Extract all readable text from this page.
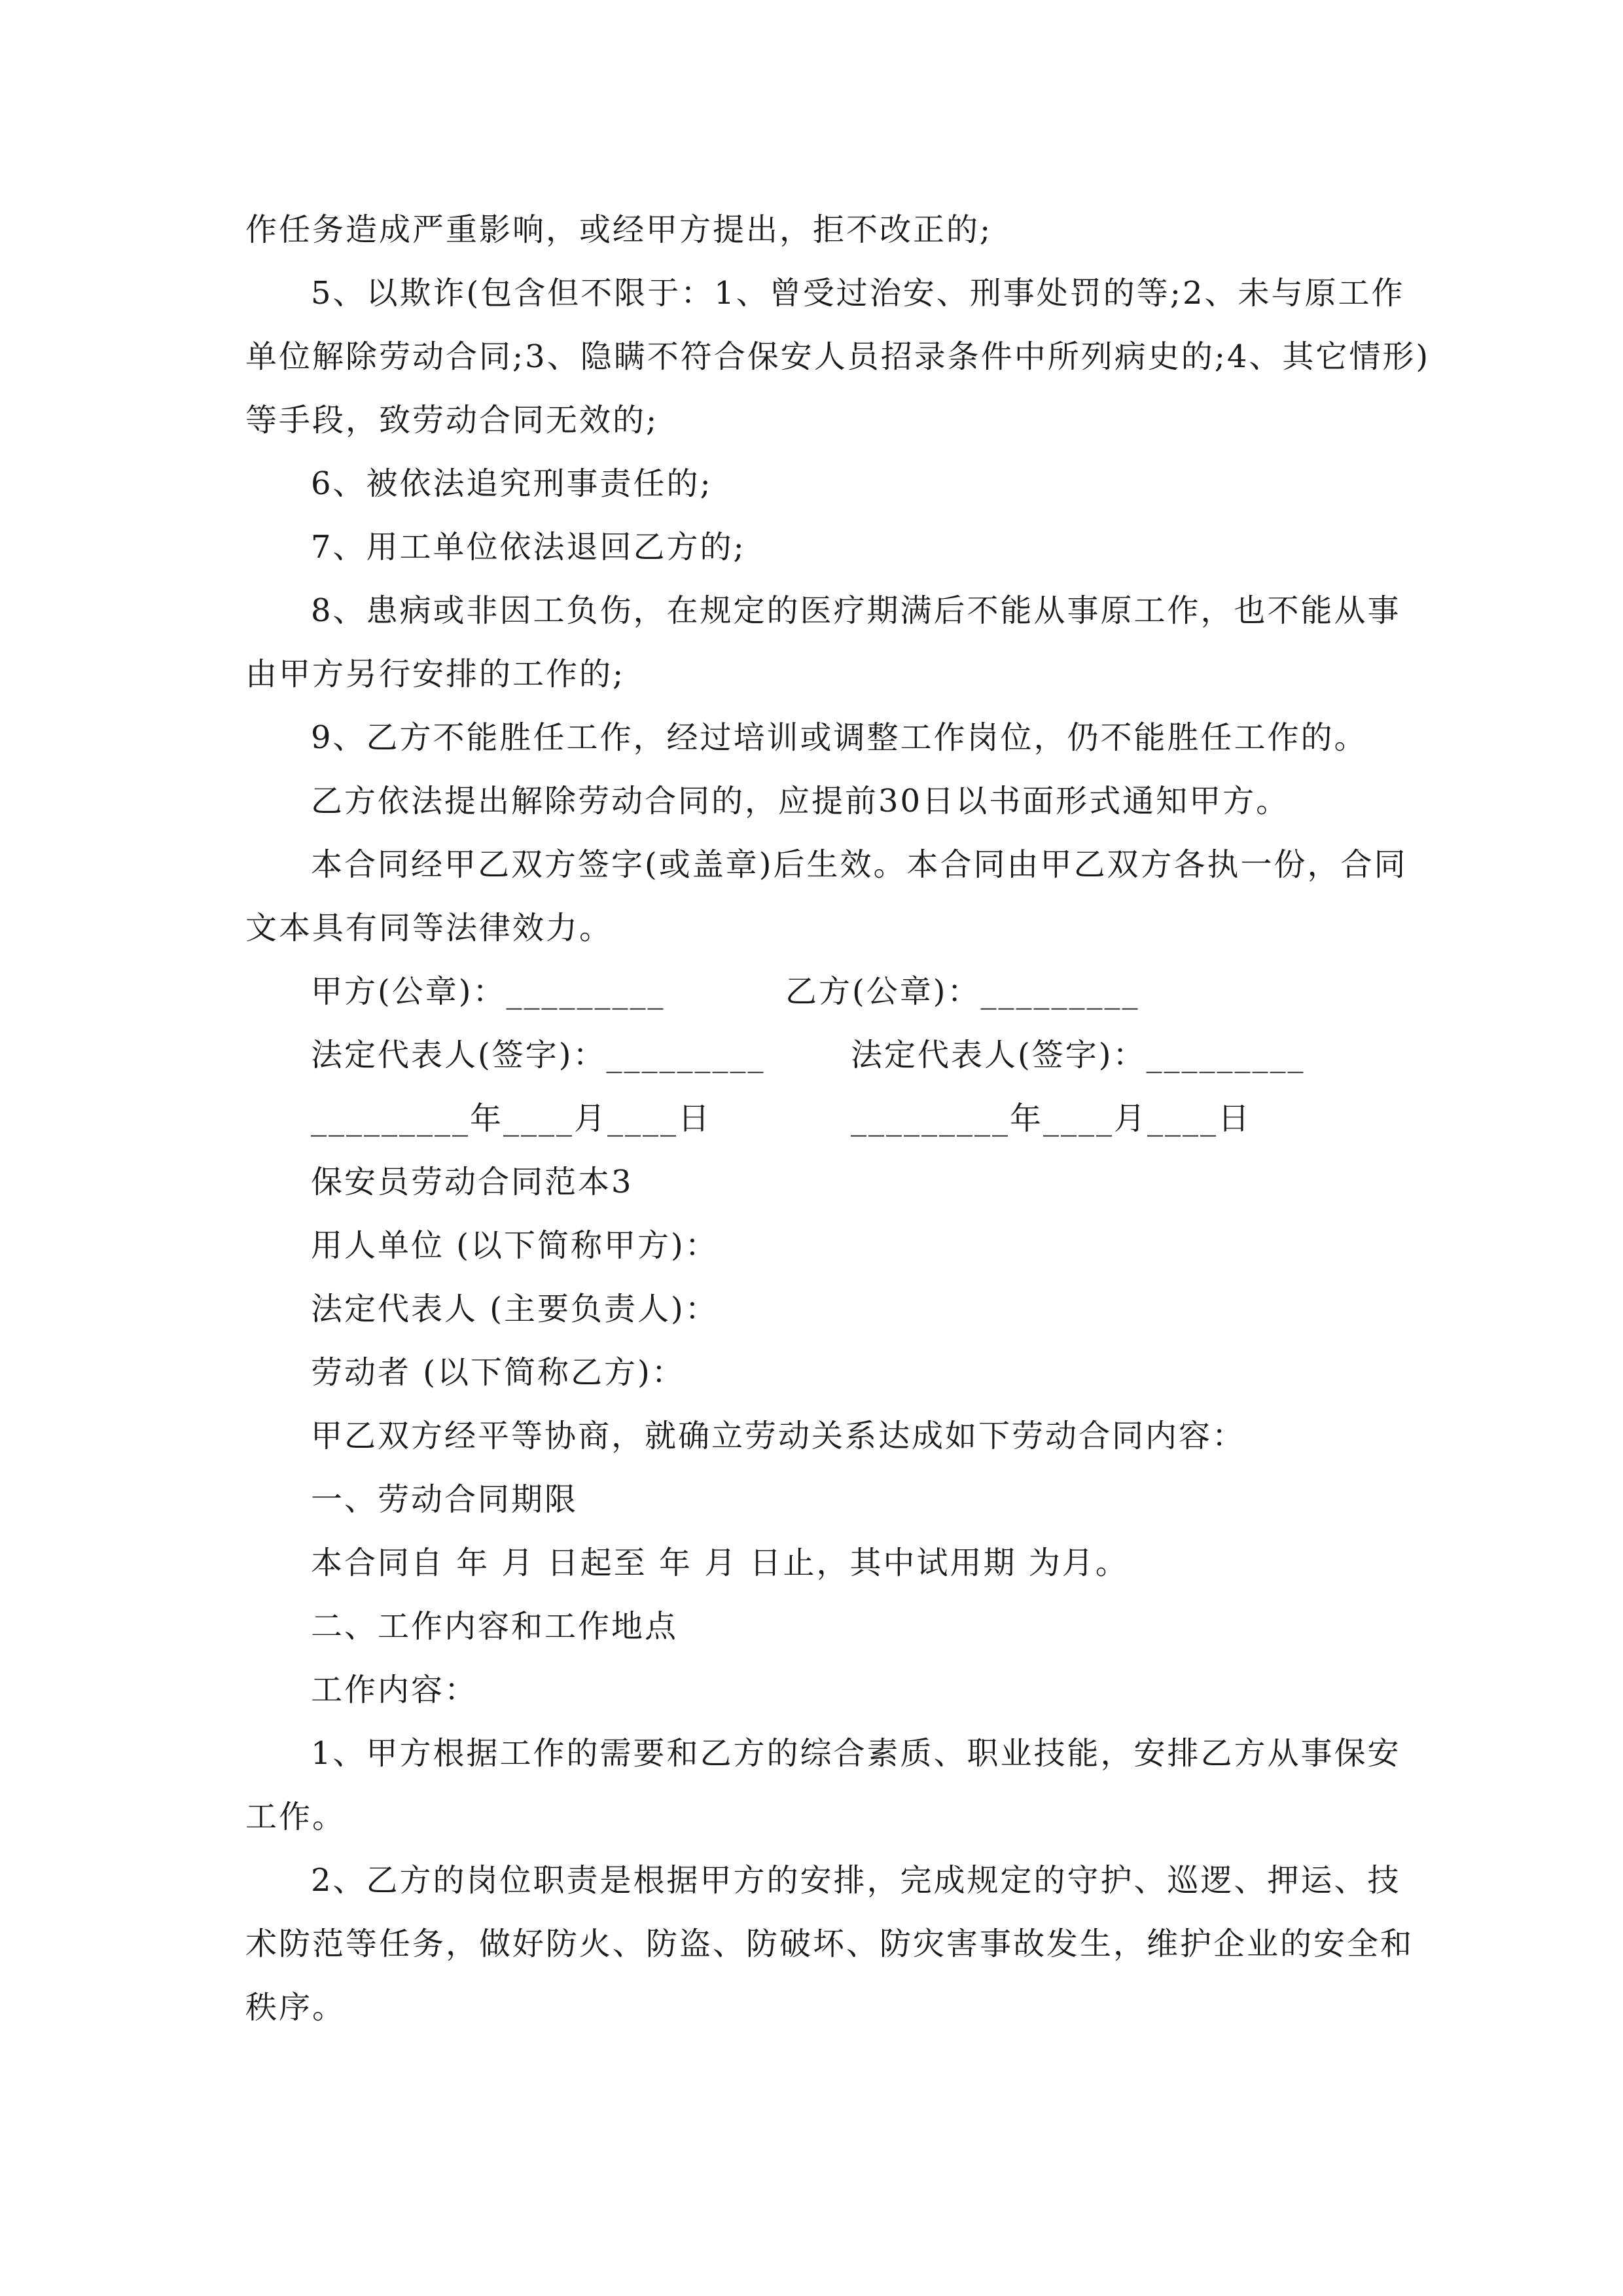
作任务造成严重影响，或经甲方提出，拒不改正的;
5、以欺诈(包含但不限于：1、曾受过治安、刑事处罚的等;2、未与原工作
单位解除劳动合同;3、隐瞒不符合保安人员招录条件中所列病史的;4、其它情形)
等手段，致劳动合同无效的;
6、被依法追究刑事责任的;
7、用工单位依法退回乙方的;
8、患病或非因工负伤，在规定的医疗期满后不能从事原工作，也不能从事
由甲方另行安排的工作的;
9、乙方不能胜任工作，经过培训或调整工作岗位，仍不能胜任工作的。
乙方依法提出解除劳动合同的，应提前30日以书面形式通知甲方。
本合同经甲乙双方签字(或盖章)后生效。本合同由甲乙双方各执一份，合同
文本具有同等法律效力。
甲方(公章)：_________	乙方(公章)：_________
法定代表人(签字)：_________	法定代表人(签字)：_________
_________年____月____日	_________年____月____日
保安员劳动合同范本3
用人单位 (以下简称甲方)：
法定代表人 (主要负责人)：
劳动者 (以下简称乙方)：
甲乙双方经平等协商，就确立劳动关系达成如下劳动合同内容：
一、劳动合同期限
本合同自 年 月 日起至 年 月 日止，其中试用期 为月。
二、工作内容和工作地点
工作内容：
1、甲方根据工作的需要和乙方的综合素质、职业技能，安排乙方从事保安
工作。
2、乙方的岗位职责是根据甲方的安排，完成规定的守护、巡逻、押运、技
术防范等任务，做好防火、防盗、防破坏、防灾害事故发生，维护企业的安全和
秩序。
